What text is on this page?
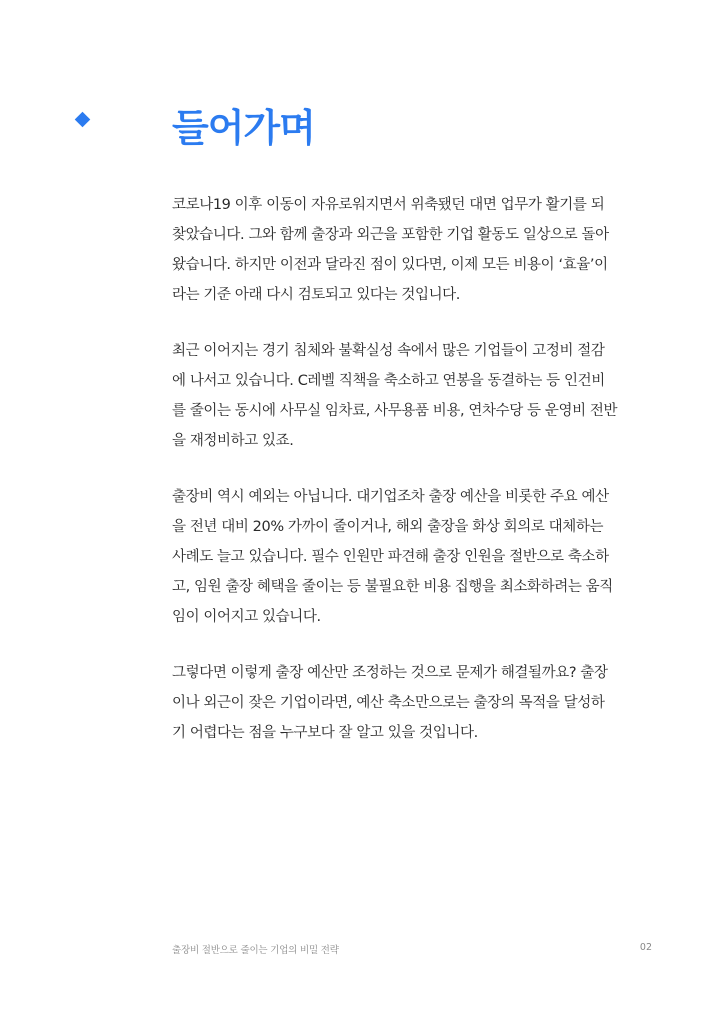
들어가며

코로나19 이후 이동이 자유로워지면서 위축됐던 대면 업무가 활기를 되
찾았습니다. 그와 함께 출장과 외근을 포함한 기업 활동도 일상으로 돌아
왔습니다. 하지만 이전과 달라진 점이 있다면, 이제 모든 비용이 ‘효율’이
라는 기준 아래 다시 검토되고 있다는 것입니다.

최근 이어지는 경기 침체와 불확실성 속에서 많은 기업들이 고정비 절감
에 나서고 있습니다. C레벨 직책을 축소하고 연봉을 동결하는 등 인건비
를 줄이는 동시에 사무실 임차료, 사무용품 비용, 연차수당 등 운영비 전반
을 재정비하고 있죠.

출장비 역시 예외는 아닙니다. 대기업조차 출장 예산을 비롯한 주요 예산
을 전년 대비 20% 가까이 줄이거나, 해외 출장을 화상 회의로 대체하는
사례도 늘고 있습니다. 필수 인원만 파견해 출장 인원을 절반으로 축소하
고, 임원 출장 혜택을 줄이는 등 불필요한 비용 집행을 최소화하려는 움직
임이 이어지고 있습니다.

그렇다면 이렇게 출장 예산만 조정하는 것으로 문제가 해결될까요? 출장
이나 외근이 잦은 기업이라면, 예산 축소만으로는 출장의 목적을 달성하
기 어렵다는 점을 누구보다 잘 알고 있을 것입니다.

출장비 절반으로 줄이는 기업의 비밀 전략	02
